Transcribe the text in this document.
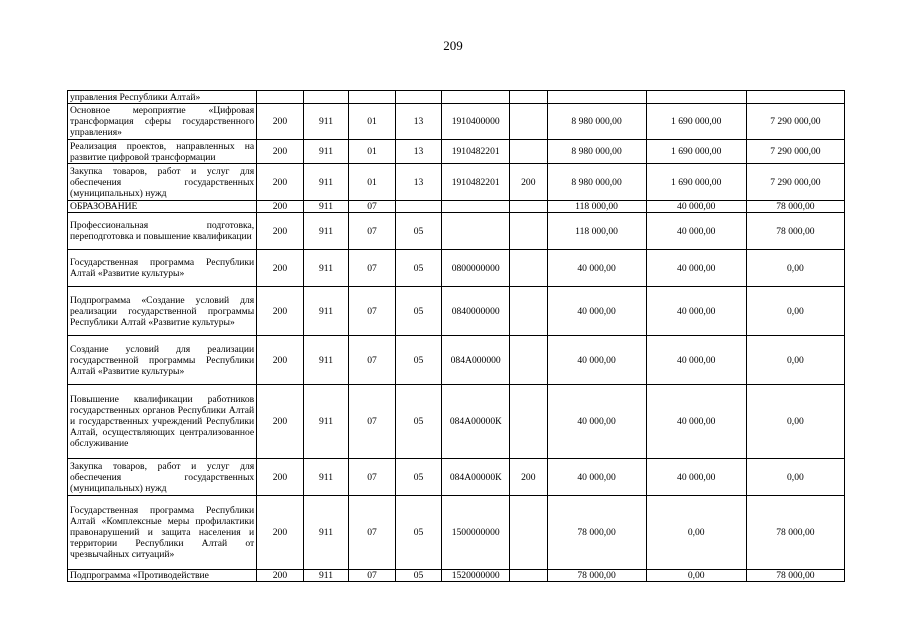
209
управления Республики Алтай»									
Основное мероприятие «Цифровая трансформация сферы государственного управления»	200	911	01	13	1910400000		8 980 000,00	1 690 000,00	7 290 000,00
Реализация проектов, направленных на развитие цифровой трансформации	200	911	01	13	1910482201		8 980 000,00	1 690 000,00	7 290 000,00
Закупка товаров, работ и услуг для обеспечения государственных (муниципальных) нужд	200	911	01	13	1910482201	200	8 980 000,00	1 690 000,00	7 290 000,00
ОБРАЗОВАНИЕ	200	911	07				118 000,00	40 000,00	78 000,00
Профессиональная подготовка, переподготовка и повышение квалификации	200	911	07	05			118 000,00	40 000,00	78 000,00
Государственная программа Республики Алтай «Развитие культуры»	200	911	07	05	0800000000		40 000,00	40 000,00	0,00
Подпрограмма «Создание условий для реализации государственной программы Республики Алтай «Развитие культуры»	200	911	07	05	0840000000		40 000,00	40 000,00	0,00
Создание условий для реализации государственной программы Республики Алтай «Развитие культуры»	200	911	07	05	084А000000		40 000,00	40 000,00	0,00
Повышение квалификации работников государственных органов Республики Алтай и государственных учреждений Республики Алтай, осуществляющих централизованное обслуживание	200	911	07	05	084А00000К		40 000,00	40 000,00	0,00
Закупка товаров, работ и услуг для обеспечения государственных (муниципальных) нужд	200	911	07	05	084А00000К	200	40 000,00	40 000,00	0,00
Государственная программа Республики Алтай «Комплексные меры профилактики правонарушений и защита населения и территории Республики Алтай от чрезвычайных ситуаций»	200	911	07	05	1500000000		78 000,00	0,00	78 000,00
Подпрограмма «Противодействие	200	911	07	05	1520000000		78 000,00	0,00	78 000,00
